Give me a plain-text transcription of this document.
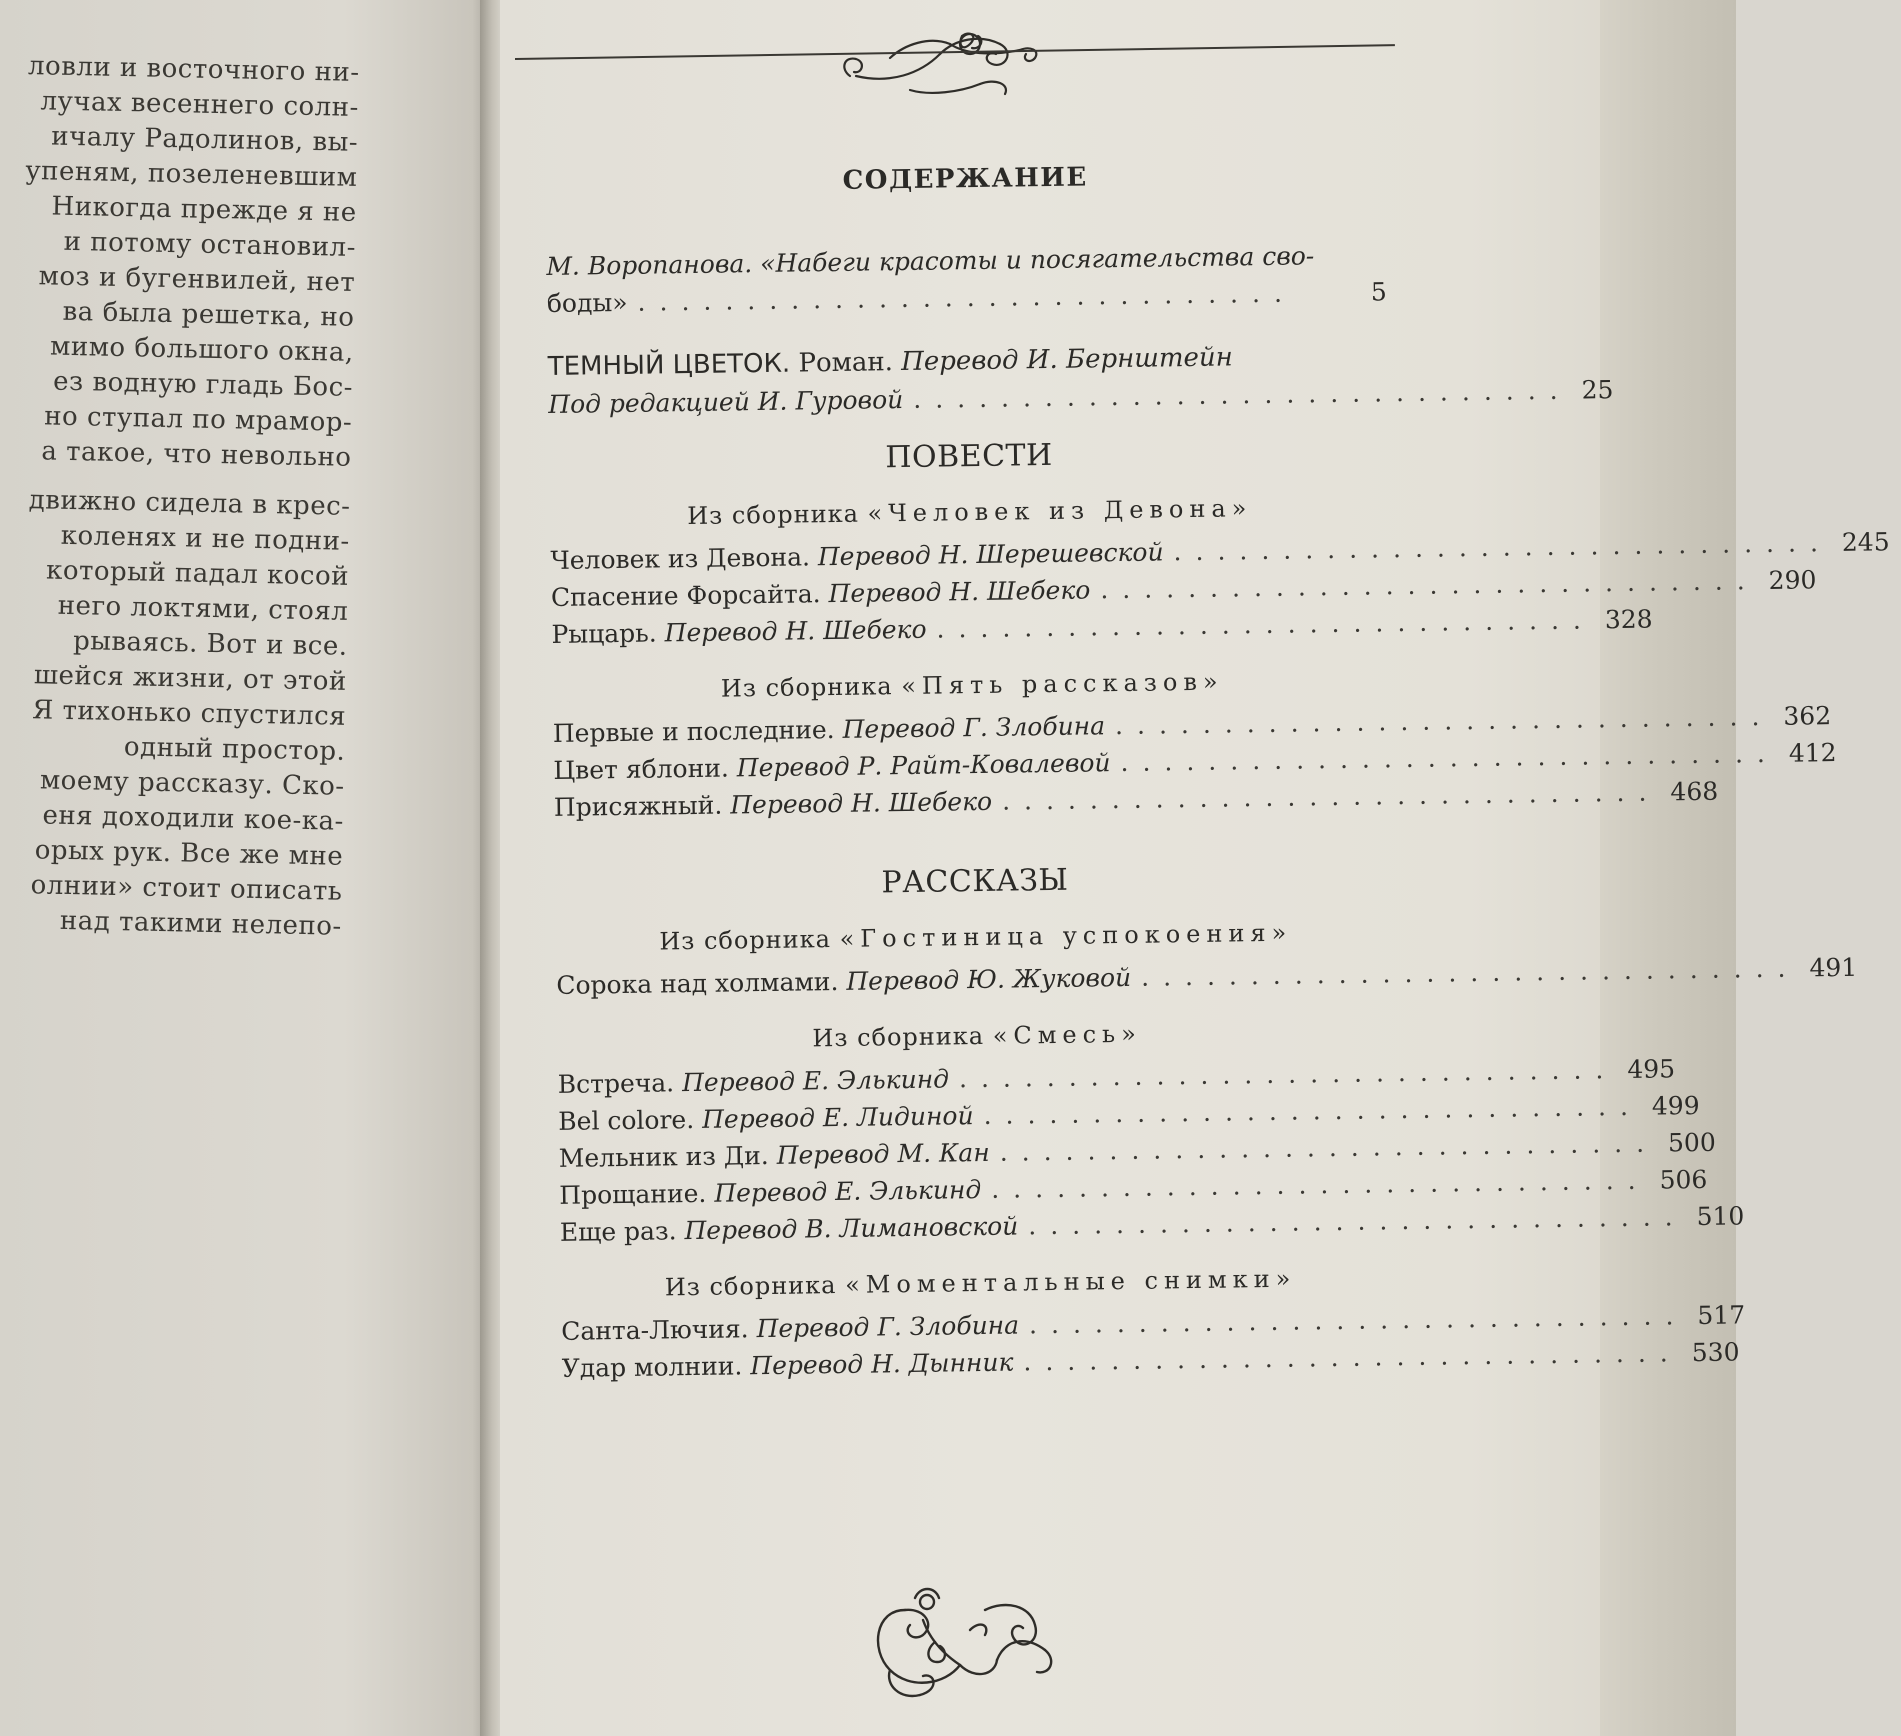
ловли и восточного ни-
лучах весеннего солн-
ичалу Радолинов, вы-
упеням, позеленевшим
Никогда прежде я не
и потому остановил-
моз и бугенвилей, нет
ва была решетка, но
мимо большого окна,
ез водную гладь Бос-
но ступал по мрамор-
а такое, что невольно
движно сидела в крес-
коленях и не подни-
который падал косой
него локтями, стоял
рываясь. Вот и все.
шейся жизни, от этой
Я тихонько спустился
одный простор.
моему рассказу. Ско-
еня доходили кое-ка-
орых рук. Все же мне
олнии» стоит описать
над такими нелепо-
СОДЕРЖАНИЕ
М. Воропанова. «Набеги красоты и посягательства сво-
боды» ..............................	5
ТЕМНЫЙ ЦВЕТОК. Роман. Перевод И. Бернштейн
Под редакцией И. Гуровой .............................. 25
ПОВЕСТИ
Из сборника «Человек из Девона»
Человек из Девона. Перевод Н. Шерешевской .............................. 245
Спасение Форсайта. Перевод Н. Шебеко .............................. 290
Рыцарь. Перевод Н. Шебеко .............................. 328
Из сборника «Пять рассказов»
Первые и последние. Перевод Г. Злобина .............................. 362
Цвет яблони. Перевод Р. Райт-Ковалевой .............................. 412
Присяжный. Перевод Н. Шебеко .............................. 468
РАССКАЗЫ
Из сборника «Гостиница успокоения»
Сорока над холмами. Перевод Ю. Жуковой .............................. 491
Из сборника «Смесь»
Встреча. Перевод Е. Элькинд .............................. 495
Bel colore. Перевод Е. Лидиной .............................. 499
Мельник из Ди. Перевод М. Кан .............................. 500
Прощание. Перевод Е. Элькинд .............................. 506
Еще раз. Перевод В. Лимановской .............................. 510
Из сборника «Моментальные снимки»
Санта-Лючия. Перевод Г. Злобина .............................. 517
Удар молнии. Перевод Н. Дынник .............................. 530
